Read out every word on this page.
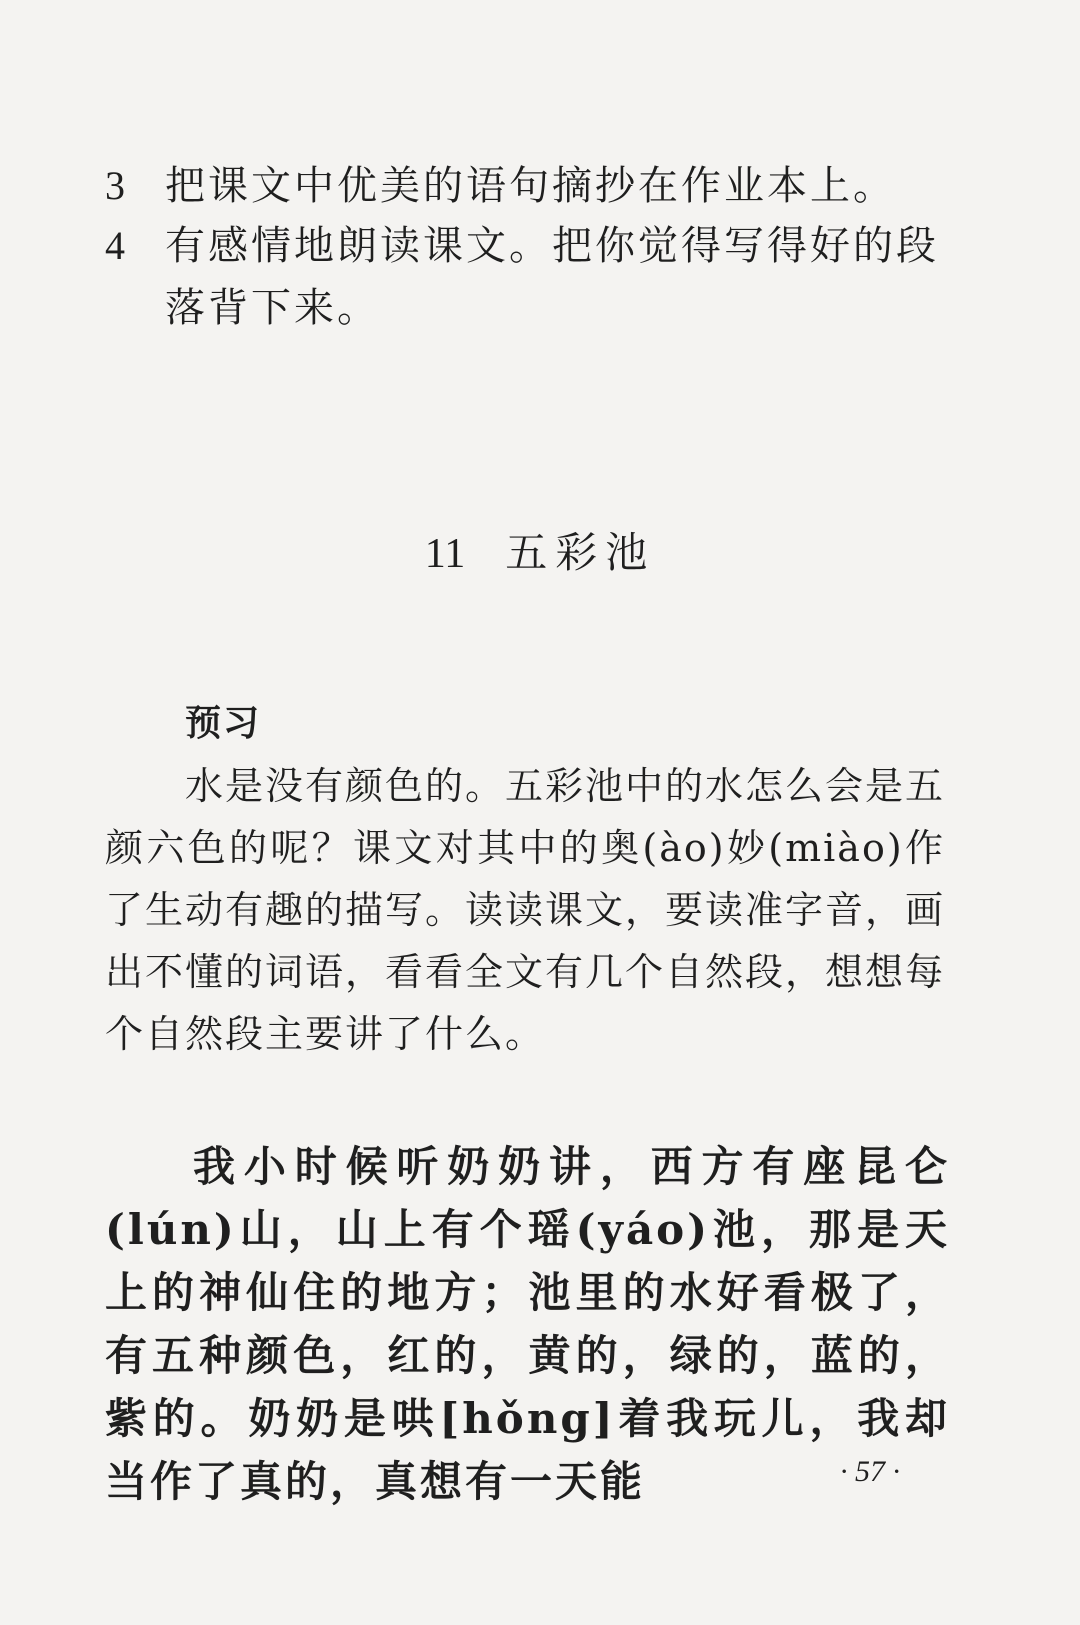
3 把课文中优美的语句摘抄在作业本上。
4 有感情地朗读课文。把你觉得写得好的段落背下来。
11 五彩池
预习
水是没有颜色的。五彩池中的水怎么会是五颜六色的呢？课文对其中的奥(ào)妙(miào)作了生动有趣的描写。读读课文，要读准字音，画出不懂的词语，看看全文有几个自然段，想想每个自然段主要讲了什么。
我小时候听奶奶讲，西方有座昆仑(lún)山，山上有个瑶(yáo)池，那是天上的神仙住的地方；池里的水好看极了，有五种颜色，红的，黄的，绿的，蓝的，紫的。奶奶是哄[hǒng]着我玩儿，我却当作了真的，真想有一天能	· 57 ·
